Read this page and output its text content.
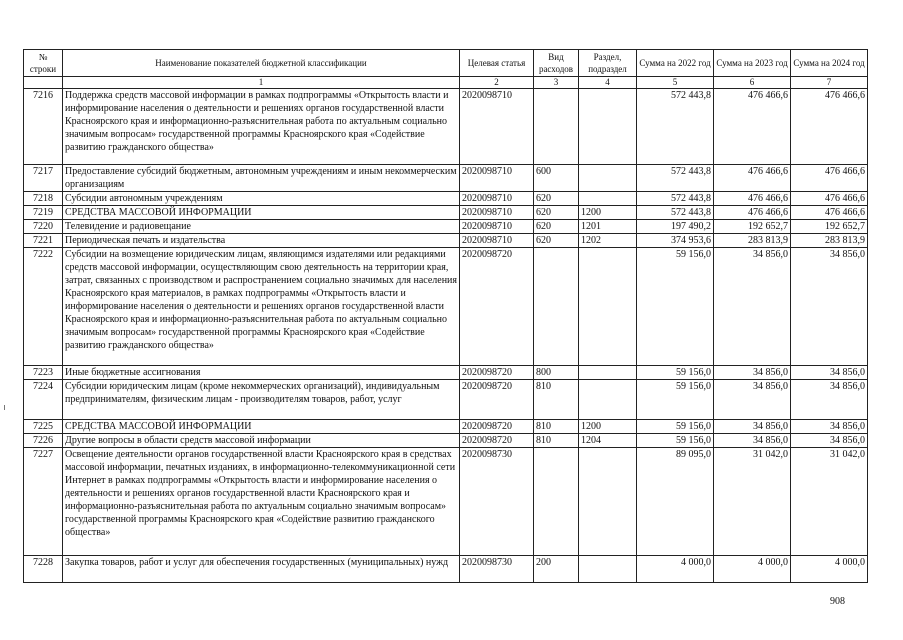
№ строки	Наименование показателей бюджетной классификации	Целевая статья	Вид расходов	Раздел, подраздел	Сумма на 2022 год	Сумма на 2023 год	Сумма на 2024 год
	1	2	3	4	5	6	7
7216	Поддержка средств массовой информации в рамках подпрограммы «Открытость власти и информирование населения о деятельности и решениях органов государственной власти Красноярского края и информационно-разъяснительная работа по актуальным социально значимым вопросам» государственной программы Красноярского края «Содействие развитию гражданского общества»	2020098710			572 443,8	476 466,6	476 466,6
7217	Предоставление субсидий бюджетным, автономным учреждениям и иным некоммерческим организациям	2020098710	600		572 443,8	476 466,6	476 466,6
7218	Субсидии автономным учреждениям	2020098710	620		572 443,8	476 466,6	476 466,6
7219	СРЕДСТВА МАССОВОЙ ИНФОРМАЦИИ	2020098710	620	1200	572 443,8	476 466,6	476 466,6
7220	Телевидение и радиовещание	2020098710	620	1201	197 490,2	192 652,7	192 652,7
7221	Периодическая печать и издательства	2020098710	620	1202	374 953,6	283 813,9	283 813,9
7222	Субсидии на возмещение юридическим лицам, являющимся издателями или редакциями средств массовой информации, осуществляющим свою деятельность на территории края, затрат, связанных с производством и распространением социально значимых для населения Красноярского края материалов, в рамках подпрограммы «Открытость власти и информирование населения о деятельности и решениях органов государственной власти Красноярского края и информационно-разъяснительная работа по актуальным социально значимым вопросам» государственной программы Красноярского края «Содействие развитию гражданского общества»	2020098720			59 156,0	34 856,0	34 856,0
7223	Иные бюджетные ассигнования	2020098720	800		59 156,0	34 856,0	34 856,0
7224	Субсидии юридическим лицам (кроме некоммерческих организаций), индивидуальным предпринимателям, физическим лицам - производителям товаров, работ, услуг	2020098720	810		59 156,0	34 856,0	34 856,0
7225	СРЕДСТВА МАССОВОЙ ИНФОРМАЦИИ	2020098720	810	1200	59 156,0	34 856,0	34 856,0
7226	Другие вопросы в области средств массовой информации	2020098720	810	1204	59 156,0	34 856,0	34 856,0
7227	Освещение деятельности органов государственной власти Красноярского края в средствах массовой информации, печатных изданиях, в информационно-телекоммуникационной сети Интернет в рамках подпрограммы «Открытость власти и информирование населения о деятельности и решениях органов государственной власти Красноярского края и информационно-разъяснительная работа по актуальным социально значимым вопросам» государственной программы Красноярского края «Содействие развитию гражданского общества»	2020098730			89 095,0	31 042,0	31 042,0
7228	Закупка товаров, работ и услуг для обеспечения государственных (муниципальных) нужд	2020098730	200		4 000,0	4 000,0	4 000,0
908
